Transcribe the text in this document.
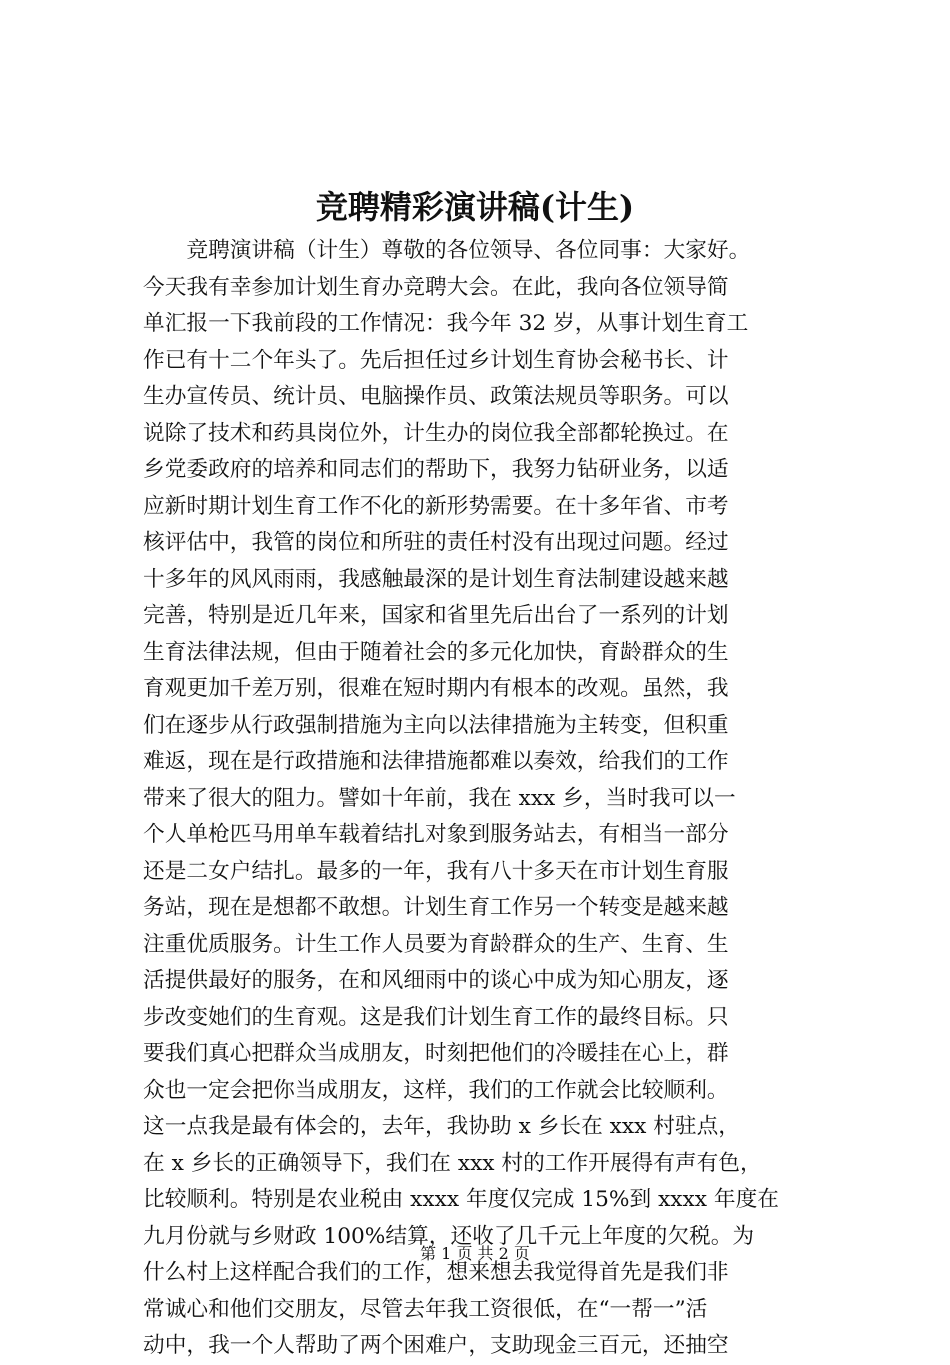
竞聘精彩演讲稿(计生)
　　竞聘演讲稿（计生）尊敬的各位领导、各位同事：大家好。
今天我有幸参加计划生育办竞聘大会。在此，我向各位领导简
单汇报一下我前段的工作情况：我今年 32 岁，从事计划生育工
作已有十二个年头了。先后担任过乡计划生育协会秘书长、计
生办宣传员、统计员、电脑操作员、政策法规员等职务。可以
说除了技术和药具岗位外，计生办的岗位我全部都轮换过。在
乡党委政府的培养和同志们的帮助下，我努力钻研业务，以适
应新时期计划生育工作不化的新形势需要。在十多年省、市考
核评估中，我管的岗位和所驻的责任村没有出现过问题。经过
十多年的风风雨雨，我感触最深的是计划生育法制建设越来越
完善，特别是近几年来，国家和省里先后出台了一系列的计划
生育法律法规，但由于随着社会的多元化加快，育龄群众的生
育观更加千差万别，很难在短时期内有根本的改观。虽然，我
们在逐步从行政强制措施为主向以法律措施为主转变，但积重
难返，现在是行政措施和法律措施都难以奏效，给我们的工作
带来了很大的阻力。譬如十年前，我在 xxx 乡，当时我可以一
个人单枪匹马用单车载着结扎对象到服务站去，有相当一部分
还是二女户结扎。最多的一年，我有八十多天在市计划生育服
务站，现在是想都不敢想。计划生育工作另一个转变是越来越
注重优质服务。计生工作人员要为育龄群众的生产、生育、生
活提供最好的服务，在和风细雨中的谈心中成为知心朋友，逐
步改变她们的生育观。这是我们计划生育工作的最终目标。只
要我们真心把群众当成朋友，时刻把他们的冷暖挂在心上，群
众也一定会把你当成朋友，这样，我们的工作就会比较顺利。
这一点我是最有体会的，去年，我协助 x 乡长在 xxx 村驻点，
在 x 乡长的正确领导下，我们在 xxx 村的工作开展得有声有色，
比较顺利。特别是农业税由 xxxx 年度仅完成 15%到 xxxx 年度在
九月份就与乡财政 100%结算，还收了几千元上年度的欠税。为
什么村上这样配合我们的工作，想来想去我觉得首先是我们非
常诚心和他们交朋友，尽管去年我工资很低，在“一帮一”活
动中，我一个人帮助了两个困难户，支助现金三百元，还抽空
第 1 页 共 2 页
